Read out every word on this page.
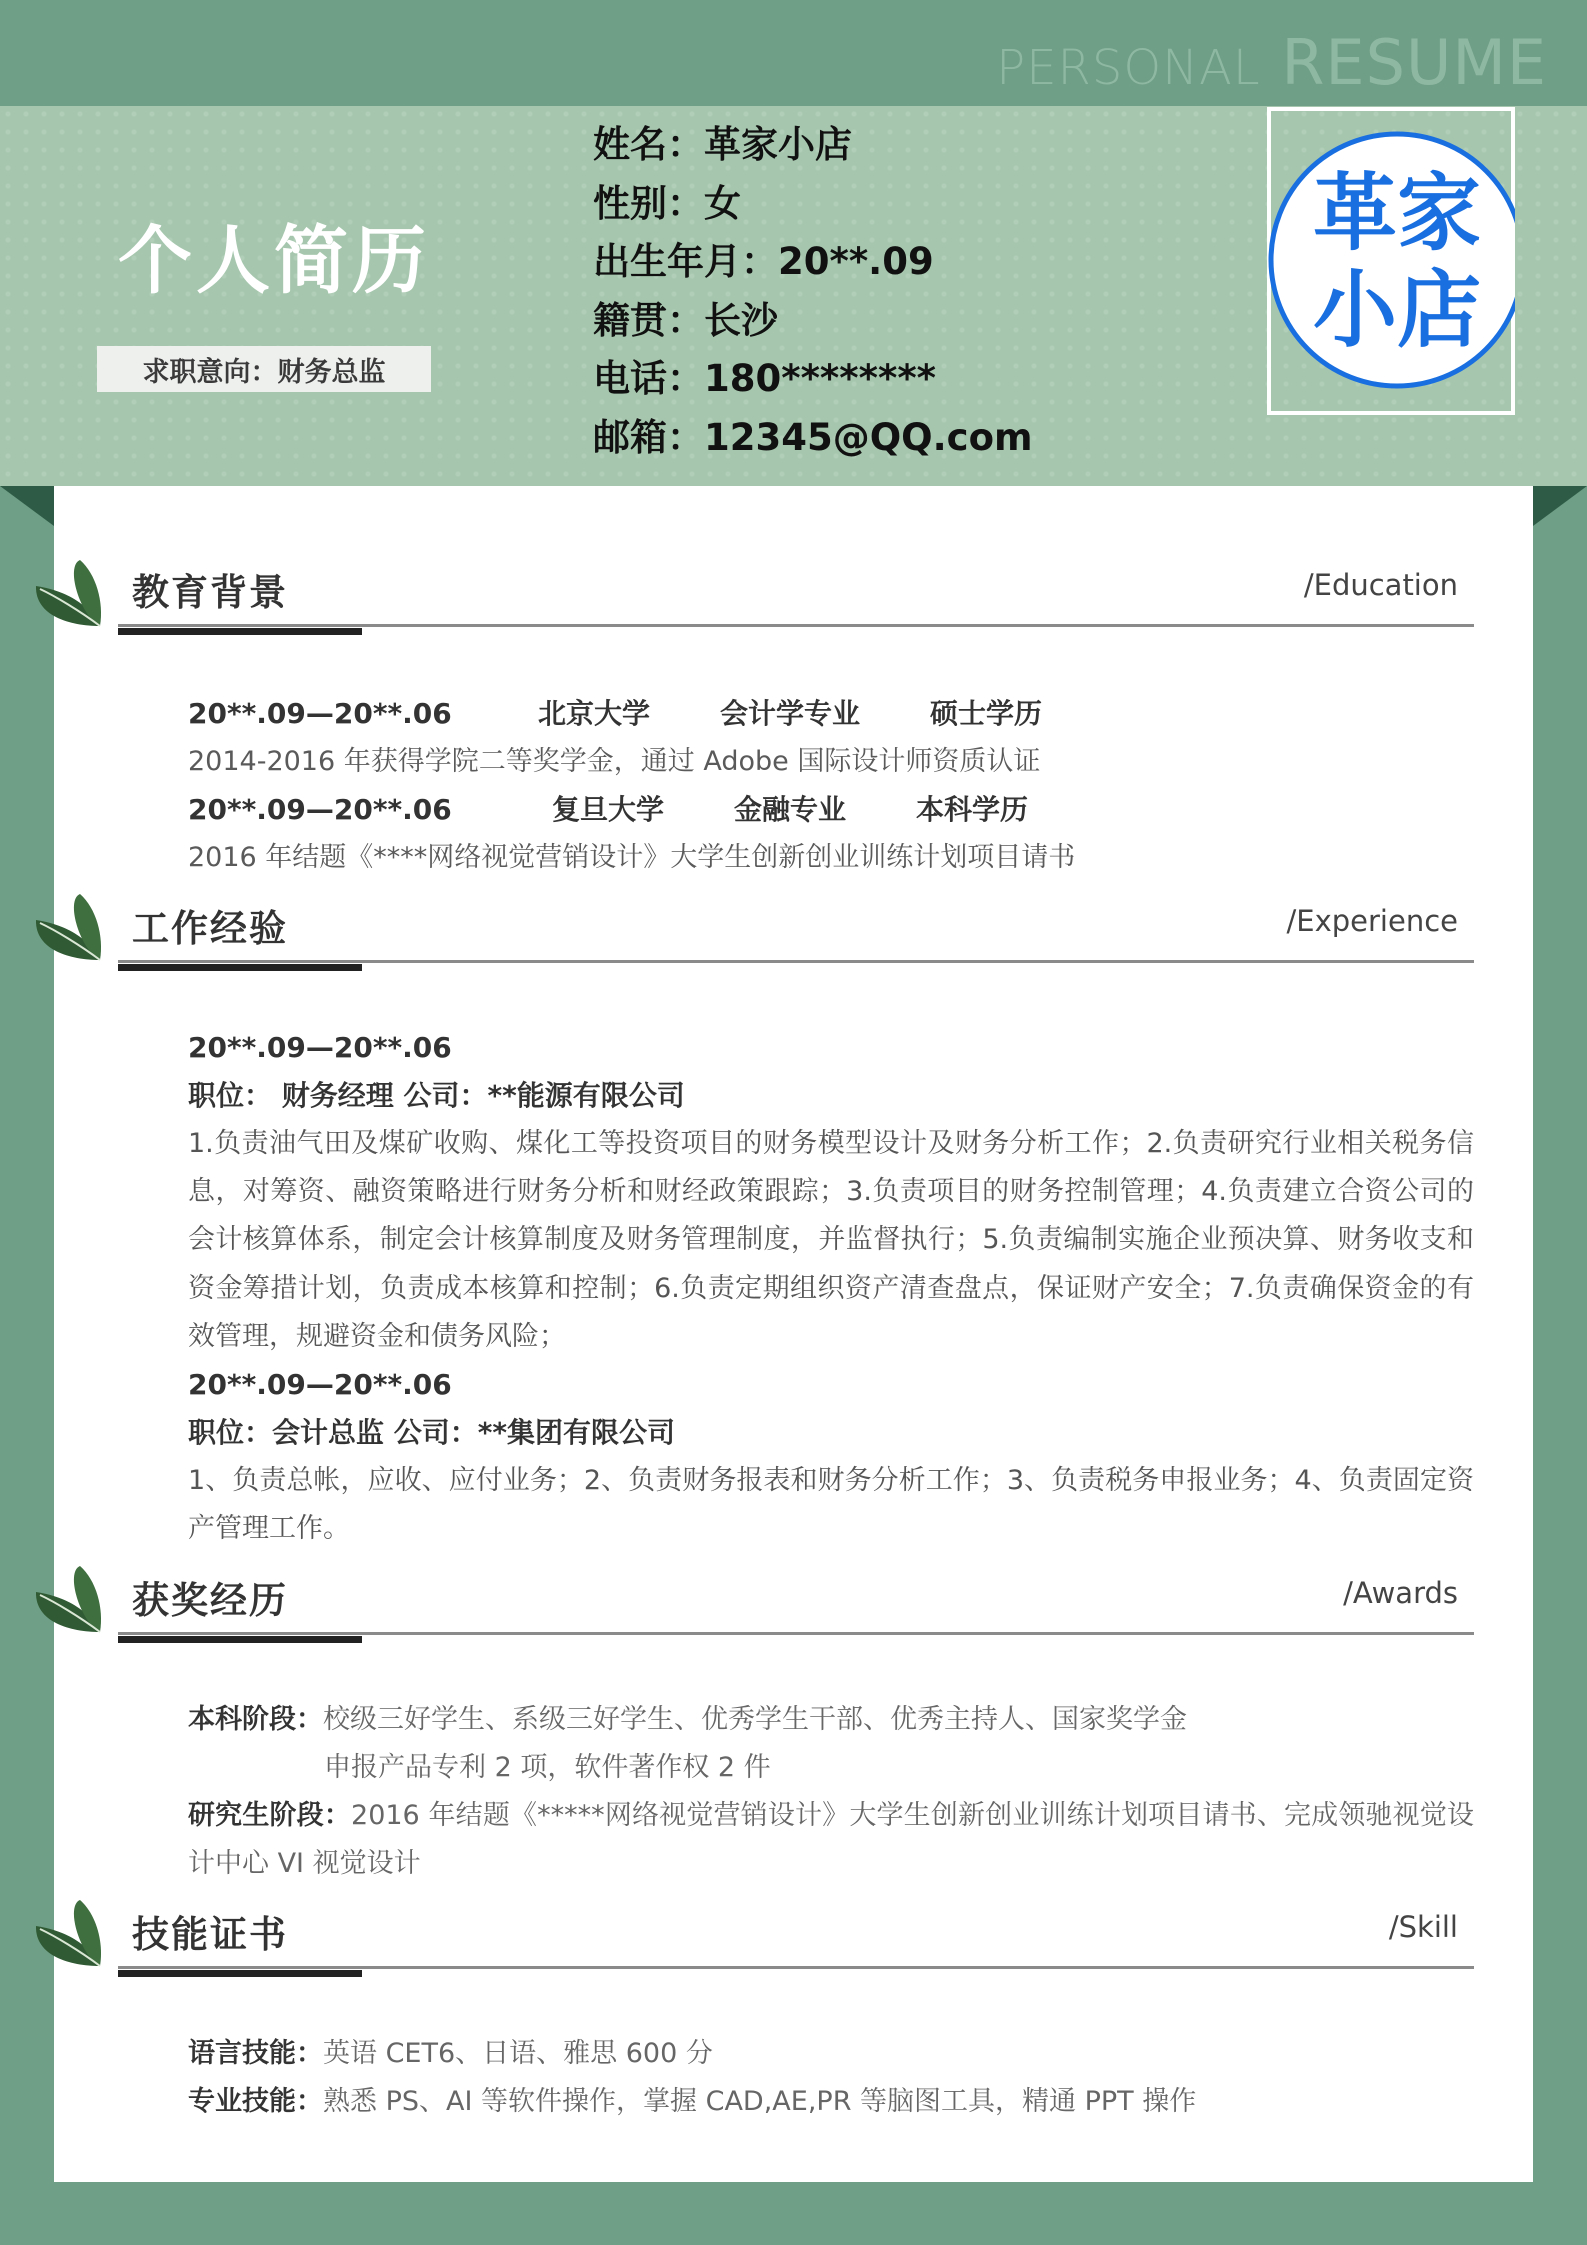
PERSONAL RESUME
个人简历
求职意向：财务总监
姓名：革家小店
性别：女
出生年月：20**.09
籍贯：长沙
电话：180********
邮箱：12345@QQ.com
革家
小店
教育背景	/Education
20**.09—20**.06	北京大学 会计学专业 硕士学历
2014-2016 年获得学院二等奖学金，通过 Adobe 国际设计师资质认证
20**.09—20**.06	复旦大学 金融专业 本科学历
2016 年结题《****网络视觉营销设计》大学生创新创业训练计划项目请书
工作经验	/Experience
20**.09—20**.06
职位： 财务经理 公司：**能源有限公司
1.负责油气田及煤矿收购、煤化工等投资项目的财务模型设计及财务分析工作；2.负责研究行业相关税务信息，对筹资、融资策略进行财务分析和财经政策跟踪；3.负责项目的财务控制管理；4.负责建立合资公司的会计核算体系，制定会计核算制度及财务管理制度，并监督执行；5.负责编制实施企业预决算、财务收支和资金筹措计划，负责成本核算和控制；6.负责定期组织资产清查盘点，保证财产安全；7.负责确保资金的有效管理，规避资金和债务风险；
20**.09—20**.06
职位：会计总监 公司：**集团有限公司
1、负责总帐，应收、应付业务；2、负责财务报表和财务分析工作；3、负责税务申报业务；4、负责固定资产管理工作。
获奖经历	/Awards
本科阶段：校级三好学生、系级三好学生、优秀学生干部、优秀主持人、国家奖学金
申报产品专利 2 项，软件著作权 2 件
研究生阶段：2016 年结题《*****网络视觉营销设计》大学生创新创业训练计划项目请书、完成领驰视觉设计中心 VI 视觉设计
技能证书	/Skill
语言技能：英语 CET6、日语、雅思 600 分
专业技能：熟悉 PS、AI 等软件操作，掌握 CAD,AE,PR 等脑图工具，精通 PPT 操作
